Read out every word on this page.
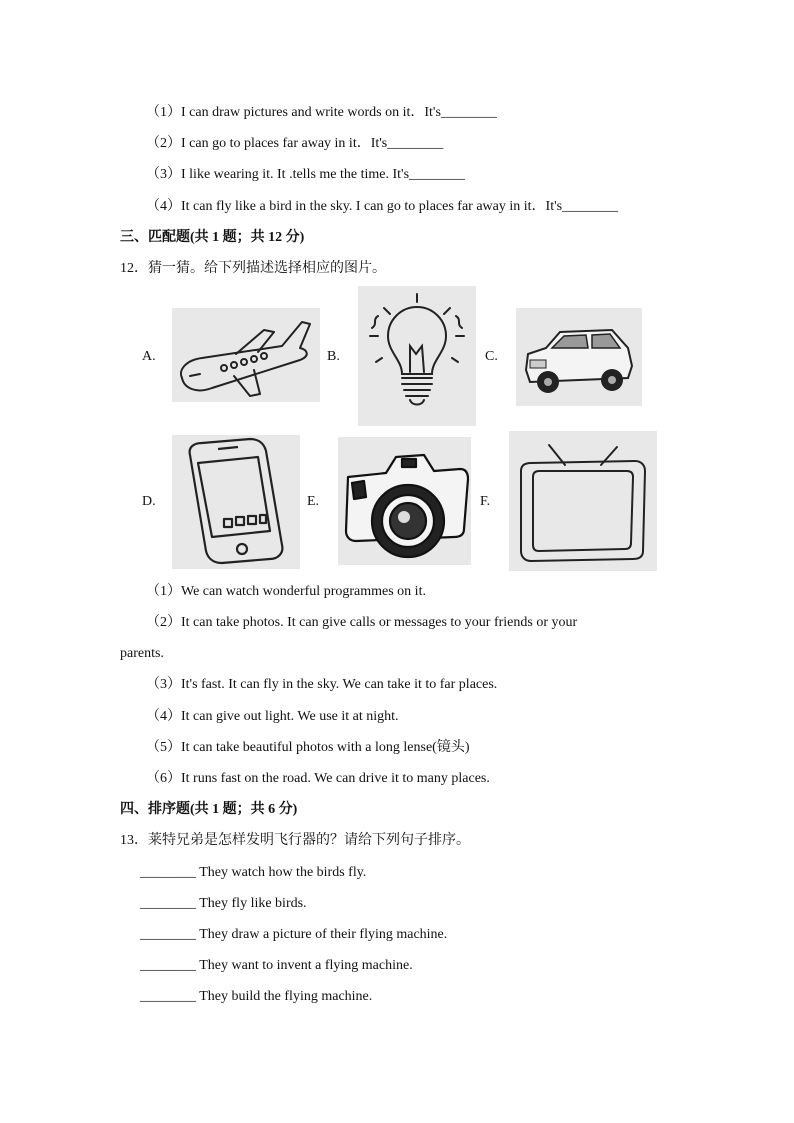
（1）I can draw pictures and write words on it．It's________
（2）I can go to places far away in it．It's________
（3）I like wearing it. It .tells me the time. It's________
（4）It can fly like a bird in the sky. I can go to places far away in it．It's________
三、匹配题(共 1 题；共 12 分)
12．猜一猜。给下列描述选择相应的图片。
A.	B.	C.
D.	E.	F.
（1）We can watch wonderful programmes on it.
（2）It can take photos. It can give calls or messages to your friends or your
parents.
（3）It's fast. It can fly in the sky. We can take it to far places.
（4）It can give out light. We use it at night.
（5）It can take beautiful photos with a long lense(镜头)
（6）It runs fast on the road. We can drive it to many places.
四、排序题(共 1 题；共 6 分)
13．莱特兄弟是怎样发明飞行器的？请给下列句子排序。
________ They watch how the birds fly.
________ They fly like birds.
________ They draw a picture of their flying machine.
________ They want to invent a flying machine.
________ They build the flying machine.
